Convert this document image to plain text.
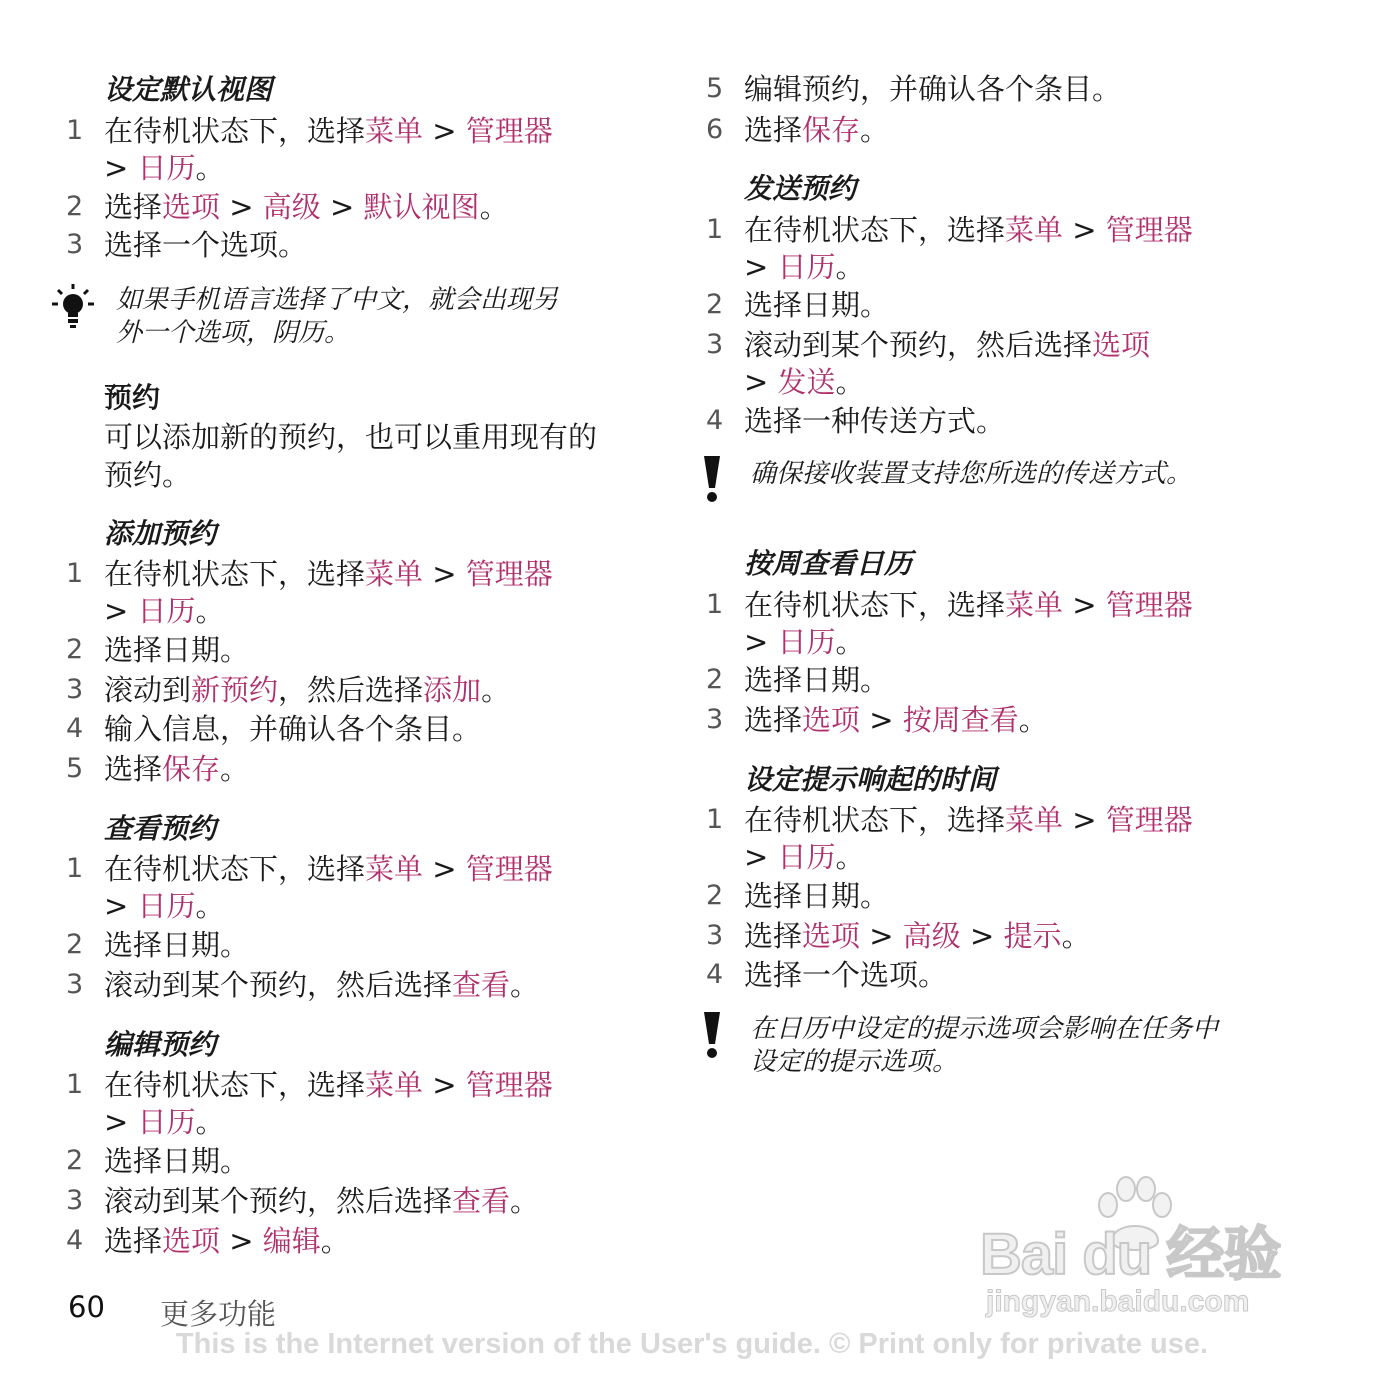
设定默认视图
1 在待机状态下，选择菜单 > 管理器
> 日历。
2 选择选项 > 高级 > 默认视图。
3 选择一个选项。
如果手机语言选择了中文，就会出现另
外一个选项，阴历。
预约
可以添加新的预约，也可以重用现有的
预约。
添加预约
1 在待机状态下，选择菜单 > 管理器
> 日历。
2 选择日期。
3 滚动到新预约，然后选择添加。
4 输入信息，并确认各个条目。
5 选择保存。
查看预约
1 在待机状态下，选择菜单 > 管理器
> 日历。
2 选择日期。
3 滚动到某个预约，然后选择查看。
编辑预约
1 在待机状态下，选择菜单 > 管理器
> 日历。
2 选择日期。
3 滚动到某个预约，然后选择查看。
4 选择选项 > 编辑。
5 编辑预约，并确认各个条目。
6 选择保存。
发送预约
1 在待机状态下，选择菜单 > 管理器
> 日历。
2 选择日期。
3 滚动到某个预约，然后选择选项
> 发送。
4 选择一种传送方式。
确保接收装置支持您所选的传送方式。
按周查看日历
1 在待机状态下，选择菜单 > 管理器
> 日历。
2 选择日期。
3 选择选项 > 按周查看。
设定提示响起的时间
1 在待机状态下，选择菜单 > 管理器
> 日历。
2 选择日期。
3 选择选项 > 高级 > 提示。
4 选择一个选项。
在日历中设定的提示选项会影响在任务中
设定的提示选项。
Bai du 经验
jingyan.baidu.com
60 更多功能
This is the Internet version of the User's guide. © Print only for private use.
